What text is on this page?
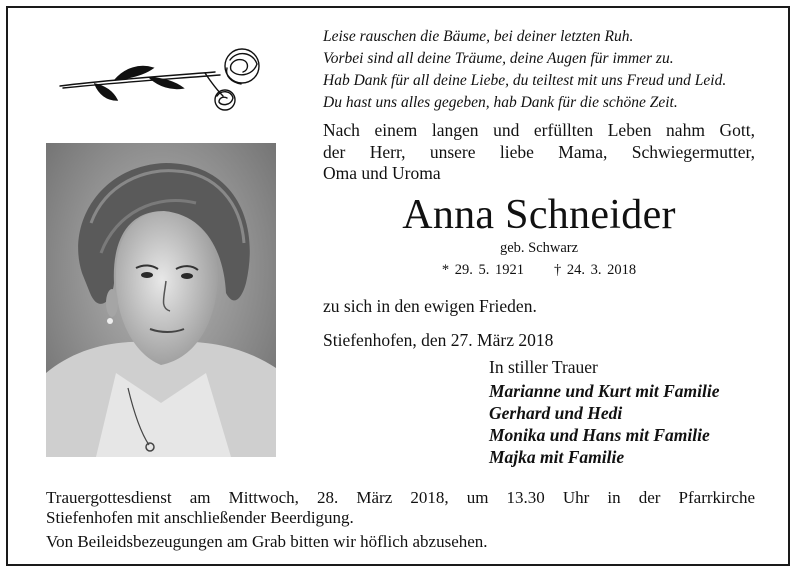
Leise rauschen die Bäume, bei deiner letzten Ruh.
Vorbei sind all deine Träume, deine Augen für immer zu.
Hab Dank für all deine Liebe, du teiltest mit uns Freud und Leid.
Du hast uns alles gegeben, hab Dank für die schöne Zeit.
Nach einem langen und erfüllten Leben nahm Gott,
der Herr, unsere liebe Mama, Schwiegermutter,
Oma und Uroma
Anna Schneider
geb. Schwarz
* 29. 5. 1921 † 24. 3. 2018
zu sich in den ewigen Frieden.
Stiefenhofen, den 27. März 2018
In stiller Trauer
Marianne und Kurt mit Familie
Gerhard und Hedi
Monika und Hans mit Familie
Majka mit Familie
Trauergottesdienst am Mittwoch, 28. März 2018, um 13.30 Uhr in der Pfarrkirche
Stiefenhofen mit anschließender Beerdigung.
Von Beileidsbezeugungen am Grab bitten wir höflich abzusehen.
